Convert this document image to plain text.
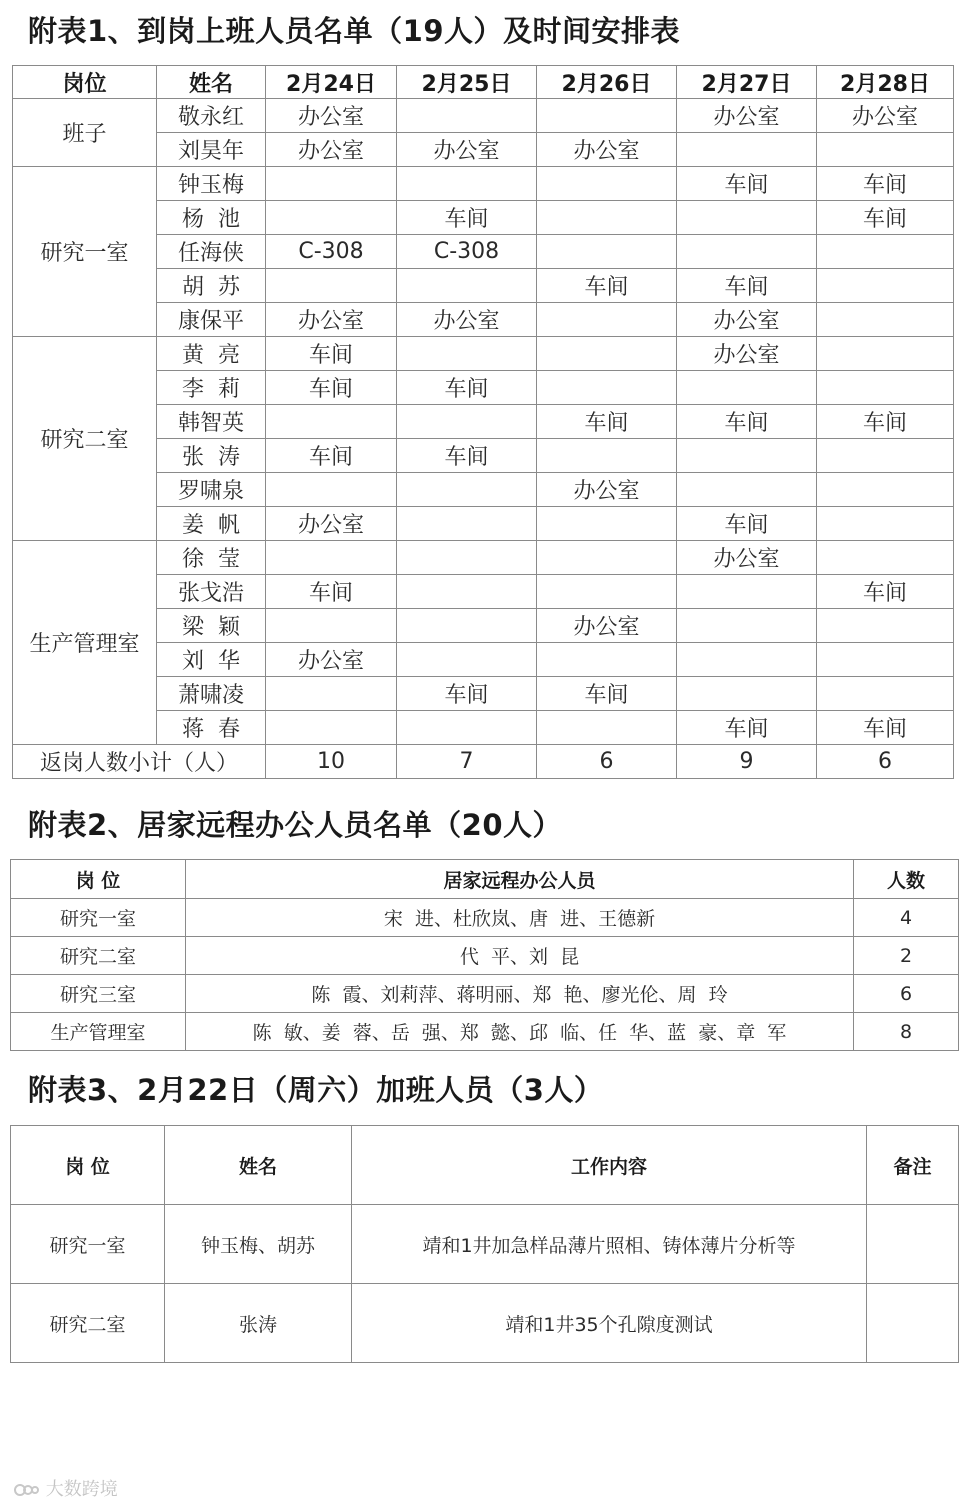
附表1、到岗上班人员名单（19人）及时间安排表
岗位	姓名	2月24日	2月25日	2月26日	2月27日	2月28日
班子	敬永红	办公室			办公室	办公室
	刘昊年	办公室	办公室	办公室		
研究一室	钟玉梅				车间	车间
	杨  池		车间			车间
	任海侠	C-308	C-308			
	胡  苏			车间	车间	
	康保平	办公室	办公室		办公室	
研究二室	黄  亮	车间			办公室	
	李  莉	车间	车间			
	韩智英			车间	车间	车间
	张  涛	车间	车间			
	罗啸泉			办公室		
	姜  帆	办公室			车间	
生产管理室	徐  莹				办公室	
	张戈浩	车间				车间
	梁  颖			办公室		
	刘  华	办公室				
	萧啸凌		车间	车间		
	蒋  春				车间	车间
返岗人数小计（人）		10	7	6	9	6
附表2、居家远程办公人员名单（20人）
岗 位	居家远程办公人员	人数
研究一室	宋  进、杜欣岚、唐  进、王德新	4
研究二室	代  平、刘  昆	2
研究三室	陈  霞、刘莉萍、蒋明丽、郑  艳、廖光伦、周  玲	6
生产管理室	陈  敏、姜  蓉、岳  强、郑  懿、邱  临、任  华、蓝  豪、章  军	8
附表3、2月22日（周六）加班人员（3人）
岗 位	姓名	工作内容	备注
研究一室	钟玉梅、胡苏	靖和1井加急样品薄片照相、铸体薄片分析等	
研究二室	张涛	靖和1井35个孔隙度测试	
大数跨境
